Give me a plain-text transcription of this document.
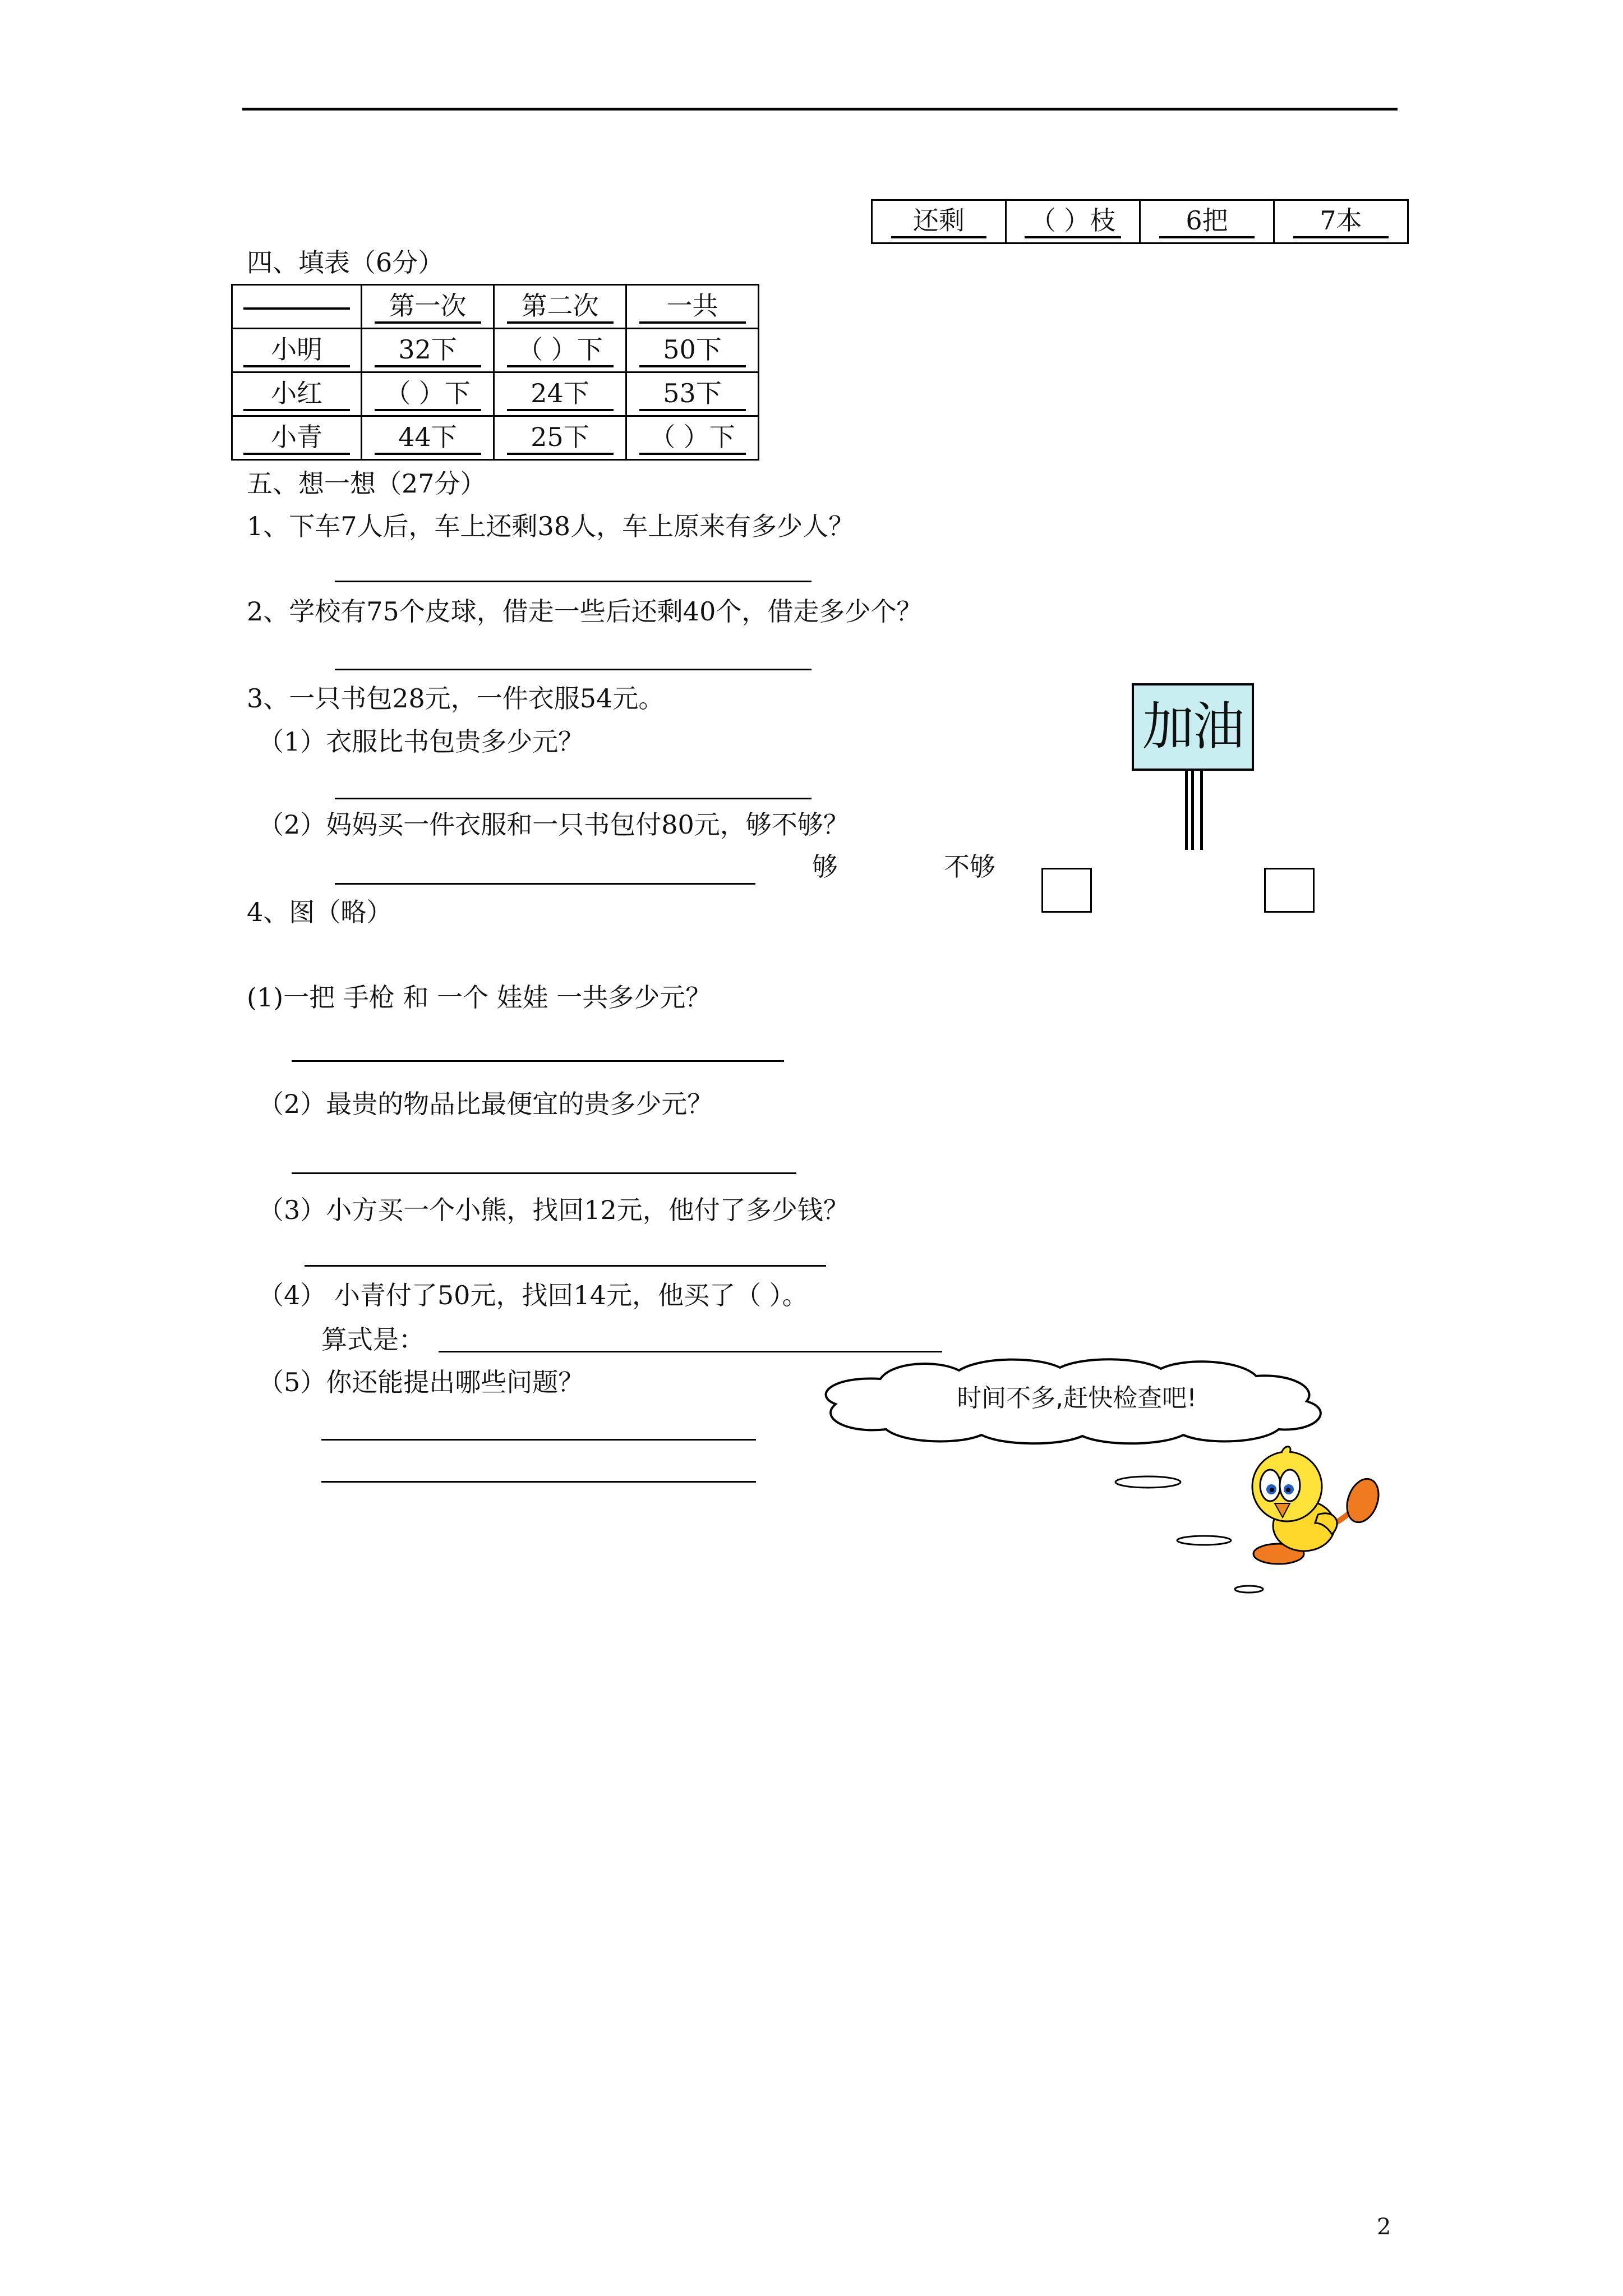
还剩	（ ）枝	6把	7本
四、填表（6分）
	第一次	第二次	一共
小明	32下	（ ）下	50下
小红	（ ）下	24下	53下
小青	44下	25下	（ ）下
五、想一想（27分）
1、下车7人后，车上还剩38人，车上原来有多少人？
2、学校有75个皮球，借走一些后还剩40个，借走多少个？
3、一只书包28元，一件衣服54元。
（1）衣服比书包贵多少元？
（2）妈妈买一件衣服和一只书包付80元，够不够？
够	不够
4、图（略）
(1)一把 手枪 和 一个 娃娃 一共多少元？
（2）最贵的物品比最便宜的贵多少元？
（3）小方买一个小熊，找回12元，他付了多少钱？
（4） 小青付了50元，找回14元，他买了（ ）。
算式是：
（5）你还能提出哪些问题？
加油
时间不多,赶快检查吧!
2
